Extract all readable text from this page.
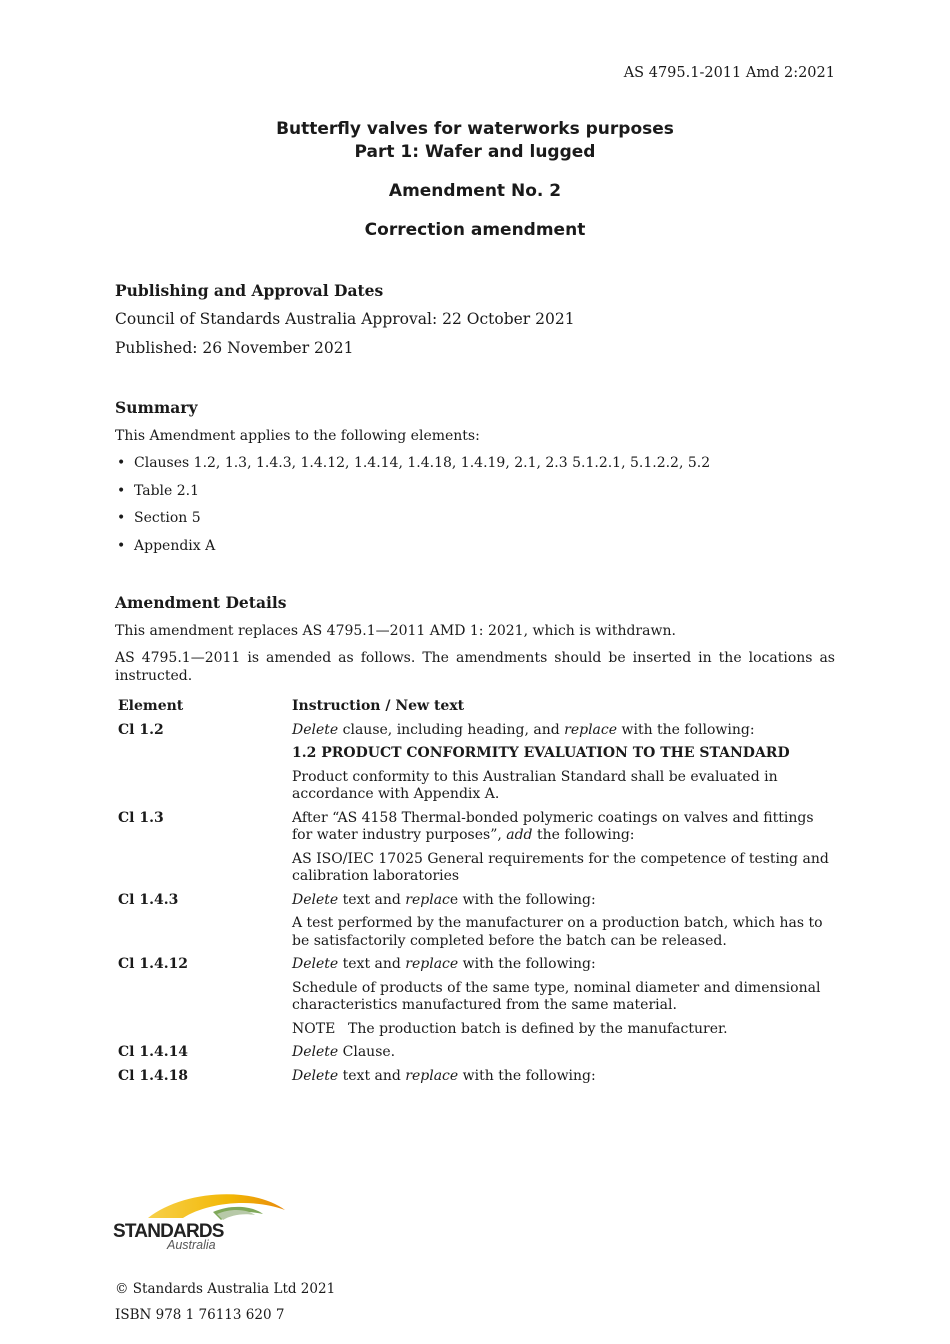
AS 4795.1-2011 Amd 2:2021
Butterfly valves for waterworks purposes
Part 1: Wafer and lugged
Amendment No. 2
Correction amendment
Publishing and Approval Dates
Council of Standards Australia Approval: 22 October 2021
Published: 26 November 2021
Summary
This Amendment applies to the following elements:
• Clauses 1.2, 1.3, 1.4.3, 1.4.12, 1.4.14, 1.4.18, 1.4.19, 2.1, 2.3 5.1.2.1, 5.1.2.2, 5.2
• Table 2.1
• Section 5
• Appendix A
Amendment Details
This amendment replaces AS 4795.1—2011 AMD 1: 2021, which is withdrawn.
AS 4795.1—2011 is amended as follows. The amendments should be inserted in the locations as instructed.
Element	Instruction / New text
Cl 1.2	Delete clause, including heading, and replace with the following:
	1.2 PRODUCT CONFORMITY EVALUATION TO THE STANDARD
	Product conformity to this Australian Standard shall be evaluated in accordance with Appendix A.
Cl 1.3	After “AS 4158 Thermal-bonded polymeric coatings on valves and fittings for water industry purposes”, add the following:
	AS ISO/IEC 17025 General requirements for the competence of testing and calibration laboratories
Cl 1.4.3	Delete text and replace with the following:
	A test performed by the manufacturer on a production batch, which has to be satisfactorily completed before the batch can be released.
Cl 1.4.12	Delete text and replace with the following:
	Schedule of products of the same type, nominal diameter and dimensional characteristics manufactured from the same material.
	NOTE The production batch is defined by the manufacturer.
Cl 1.4.14	Delete Clause.
Cl 1.4.18	Delete text and replace with the following:
STANDARDS
Australia
© Standards Australia Ltd 2021
ISBN 978 1 76113 620 7
